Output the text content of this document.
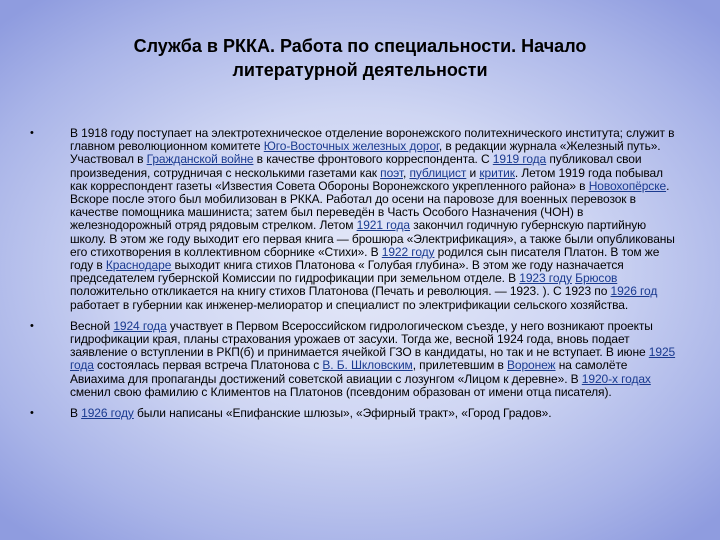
Служба в РККА. Работа по специальности. Начало
литературной деятельности
•	В 1918 году поступает на электротехническое отделение воронежского политехнического института; служит в главном революционном комитете Юго-Восточных железных дорог, в редакции журнала «Железный путь». Участвовал в Гражданской войне в качестве фронтового корреспондента. С 1919 года публиковал свои произведения, сотрудничая с несколькими газетами как поэт, публицист и критик. Летом 1919 года побывал как корреспондент газеты «Известия Совета Обороны Воронежского укрепленного района» в Новохопёрске. Вскоре после этого был мобилизован в РККА. Работал до осени на паровозе для военных перевозок в качестве помощника машиниста; затем был переведён в Часть Особого Назначения (ЧОН) в железнодорожный отряд рядовым стрелком. Летом 1921 года закончил годичную губернскую партийную школу. В этом же году выходит его первая книга — брошюра «Электрификация», а также были опубликованы его стихотворения в коллективном сборнике «Стихи». В 1922 году родился сын писателя Платон. В том же году в Краснодаре выходит книга стихов Платонова « Голубая глубина». В этом же году назначается председателем губернской Комиссии по гидрофикации при земельном отделе. В 1923 году Брюсов положительно откликается на книгу стихов Платонова (Печать и революция. — 1923. ). С 1923 по 1926 год работает в губернии как инженер-мелиоратор и специалист по электрификации сельского хозяйства.

•	Весной 1924 года участвует в Первом Всероссийском гидрологическом съезде, у него возникают проекты гидрофикации края, планы страхования урожаев от засухи. Тогда же, весной 1924 года, вновь подает заявление о вступлении в РКП(б) и принимается ячейкой ГЗО в кандидаты, но так и не вступает. В июне 1925 года состоялась первая встреча Платонова с В. Б. Шкловским, прилетевшим в Воронеж на самолёте Авиахима для пропаганды достижений советской авиации с лозунгом «Лицом к деревне». В 1920-х годах сменил свою фамилию с Климентов на Платонов (псевдоним образован от имени отца писателя).

•	В 1926 году были написаны «Епифанские шлюзы», «Эфирный тракт», «Город Градов».
